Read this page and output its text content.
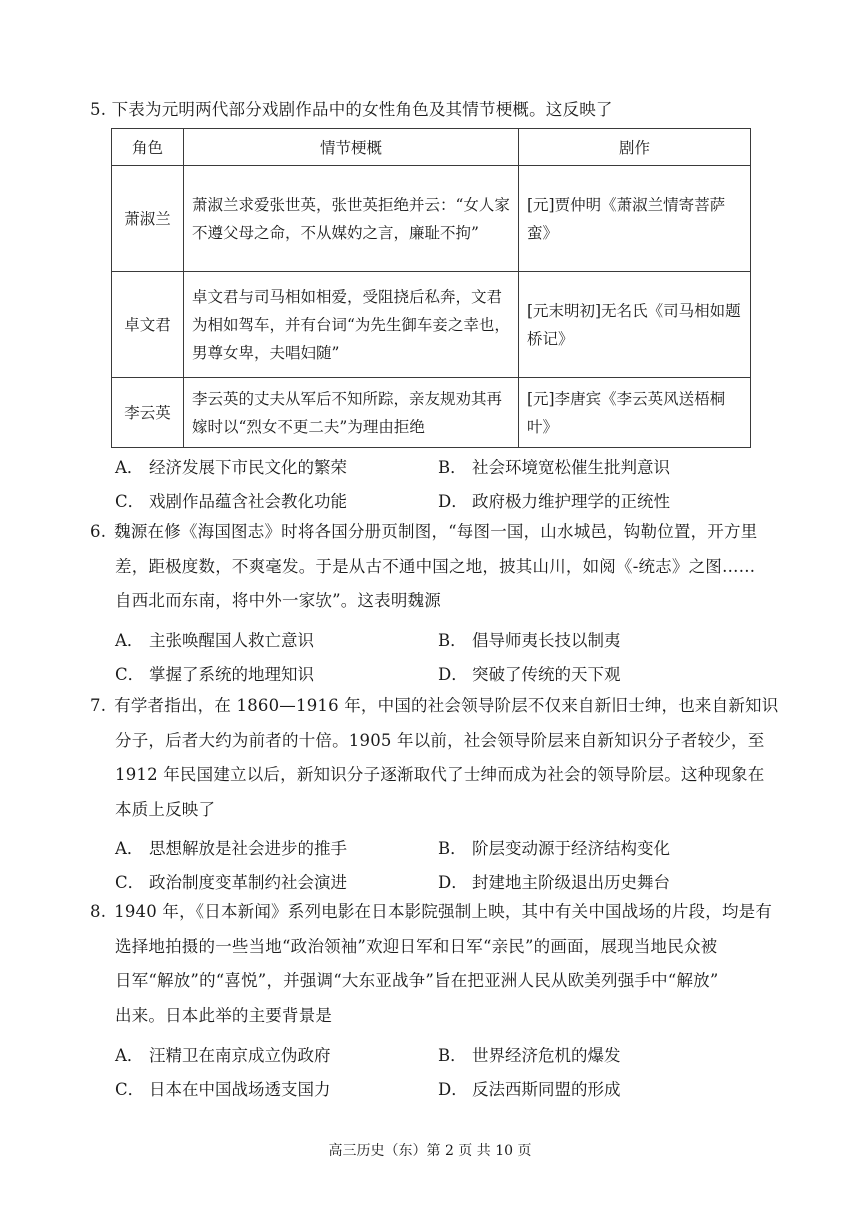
5. 下表为元明两代部分戏剧作品中的女性角色及其情节梗概。这反映了
角色	情节梗概	剧作
萧淑兰	萧淑兰求爱张世英，张世英拒绝并云：“女人家不遵父母之命，不从媒妁之言，廉耻不拘”	[元]贾仲明《萧淑兰情寄菩萨蛮》
卓文君	卓文君与司马相如相爱，受阻挠后私奔，文君为相如驾车，并有台词“为先生御车妾之幸也，男尊女卑，夫唱妇随”	[元末明初]无名氏《司马相如题桥记》
李云英	李云英的丈夫从军后不知所踪，亲友规劝其再嫁时以“烈女不更二夫”为理由拒绝	[元]李唐宾《李云英风送梧桐叶》
A． 经济发展下市民文化的繁荣	B． 社会环境宽松催生批判意识
C． 戏剧作品蕴含社会教化功能	D． 政府极力维护理学的正统性
6. 魏源在修《海国图志》时将各国分册页制图，“每图一国，山水城邑，钩勒位置，开方里
差，距极度数，不爽毫发。于是从古不通中国之地，披其山川，如阅《-统志》之图……
自西北而东南，将中外一家欤”。这表明魏源
A． 主张唤醒国人救亡意识	B． 倡导师夷长技以制夷
C． 掌握了系统的地理知识	D． 突破了传统的天下观
7. 有学者指出，在 1860—1916 年，中国的社会领导阶层不仅来自新旧士绅，也来自新知识
分子，后者大约为前者的十倍。1905 年以前，社会领导阶层来自新知识分子者较少，至
1912 年民国建立以后，新知识分子逐渐取代了士绅而成为社会的领导阶层。这种现象在
本质上反映了
A． 思想解放是社会进步的推手	B． 阶层变动源于经济结构变化
C． 政治制度变革制约社会演进	D． 封建地主阶级退出历史舞台
8. 1940 年，《日本新闻》系列电影在日本影院强制上映，其中有关中国战场的片段，均是有
选择地拍摄的一些当地“政治领袖”欢迎日军和日军“亲民”的画面，展现当地民众被
日军“解放”的“喜悦”，并强调“大东亚战争”旨在把亚洲人民从欧美列强手中“解放”
出来。日本此举的主要背景是
A． 汪精卫在南京成立伪政府	B． 世界经济危机的爆发
C． 日本在中国战场透支国力	D． 反法西斯同盟的形成
高三历史（东）第 2 页 共 10 页
